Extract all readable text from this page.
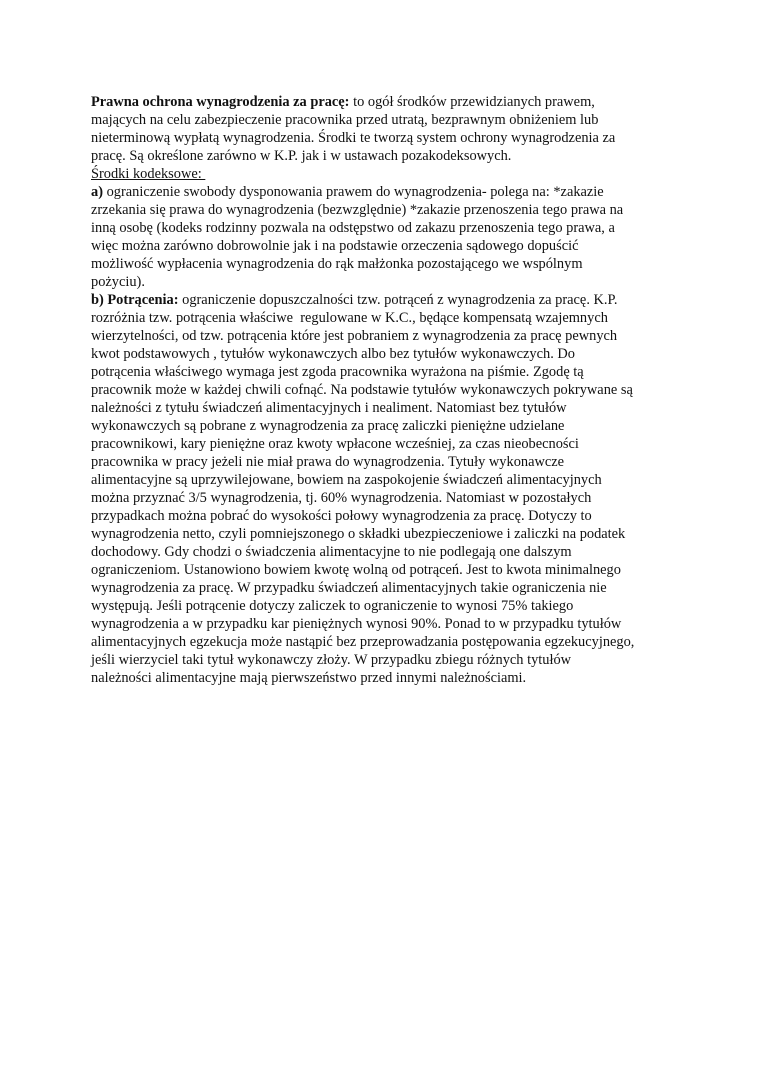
Prawna ochrona wynagrodzenia za pracę: to ogół środków przewidzianych prawem,
mających na celu zabezpieczenie pracownika przed utratą, bezprawnym obniżeniem lub
nieterminową wypłatą wynagrodzenia. Środki te tworzą system ochrony wynagrodzenia za
pracę. Są określone zarówno w K.P. jak i w ustawach pozakodeksowych.
Środki kodeksowe:
a) ograniczenie swobody dysponowania prawem do wynagrodzenia- polega na: *zakazie
zrzekania się prawa do wynagrodzenia (bezwzględnie) *zakazie przenoszenia tego prawa na
inną osobę (kodeks rodzinny pozwala na odstępstwo od zakazu przenoszenia tego prawa, a
więc można zarówno dobrowolnie jak i na podstawie orzeczenia sądowego dopuścić
możliwość wypłacenia wynagrodzenia do rąk małżonka pozostającego we wspólnym
pożyciu).
b) Potrącenia: ograniczenie dopuszczalności tzw. potrąceń z wynagrodzenia za pracę. K.P.
rozróżnia tzw. potrącenia właściwe  regulowane w K.C., będące kompensatą wzajemnych
wierzytelności, od tzw. potrącenia które jest pobraniem z wynagrodzenia za pracę pewnych
kwot podstawowych , tytułów wykonawczych albo bez tytułów wykonawczych. Do
potrącenia właściwego wymaga jest zgoda pracownika wyrażona na piśmie. Zgodę tą
pracownik może w każdej chwili cofnąć. Na podstawie tytułów wykonawczych pokrywane są
należności z tytułu świadczeń alimentacyjnych i nealiment. Natomiast bez tytułów
wykonawczych są pobrane z wynagrodzenia za pracę zaliczki pieniężne udzielane
pracownikowi, kary pieniężne oraz kwoty wpłacone wcześniej, za czas nieobecności
pracownika w pracy jeżeli nie miał prawa do wynagrodzenia. Tytuły wykonawcze
alimentacyjne są uprzywilejowane, bowiem na zaspokojenie świadczeń alimentacyjnych
można przyznać 3/5 wynagrodzenia, tj. 60% wynagrodzenia. Natomiast w pozostałych
przypadkach można pobrać do wysokości połowy wynagrodzenia za pracę. Dotyczy to
wynagrodzenia netto, czyli pomniejszonego o składki ubezpieczeniowe i zaliczki na podatek
dochodowy. Gdy chodzi o świadczenia alimentacyjne to nie podlegają one dalszym
ograniczeniom. Ustanowiono bowiem kwotę wolną od potrąceń. Jest to kwota minimalnego
wynagrodzenia za pracę. W przypadku świadczeń alimentacyjnych takie ograniczenia nie
występują. Jeśli potrącenie dotyczy zaliczek to ograniczenie to wynosi 75% takiego
wynagrodzenia a w przypadku kar pieniężnych wynosi 90%. Ponad to w przypadku tytułów
alimentacyjnych egzekucja może nastąpić bez przeprowadzania postępowania egzekucyjnego,
jeśli wierzyciel taki tytuł wykonawczy złoży. W przypadku zbiegu różnych tytułów
należności alimentacyjne mają pierwszeństwo przed innymi należnościami.
